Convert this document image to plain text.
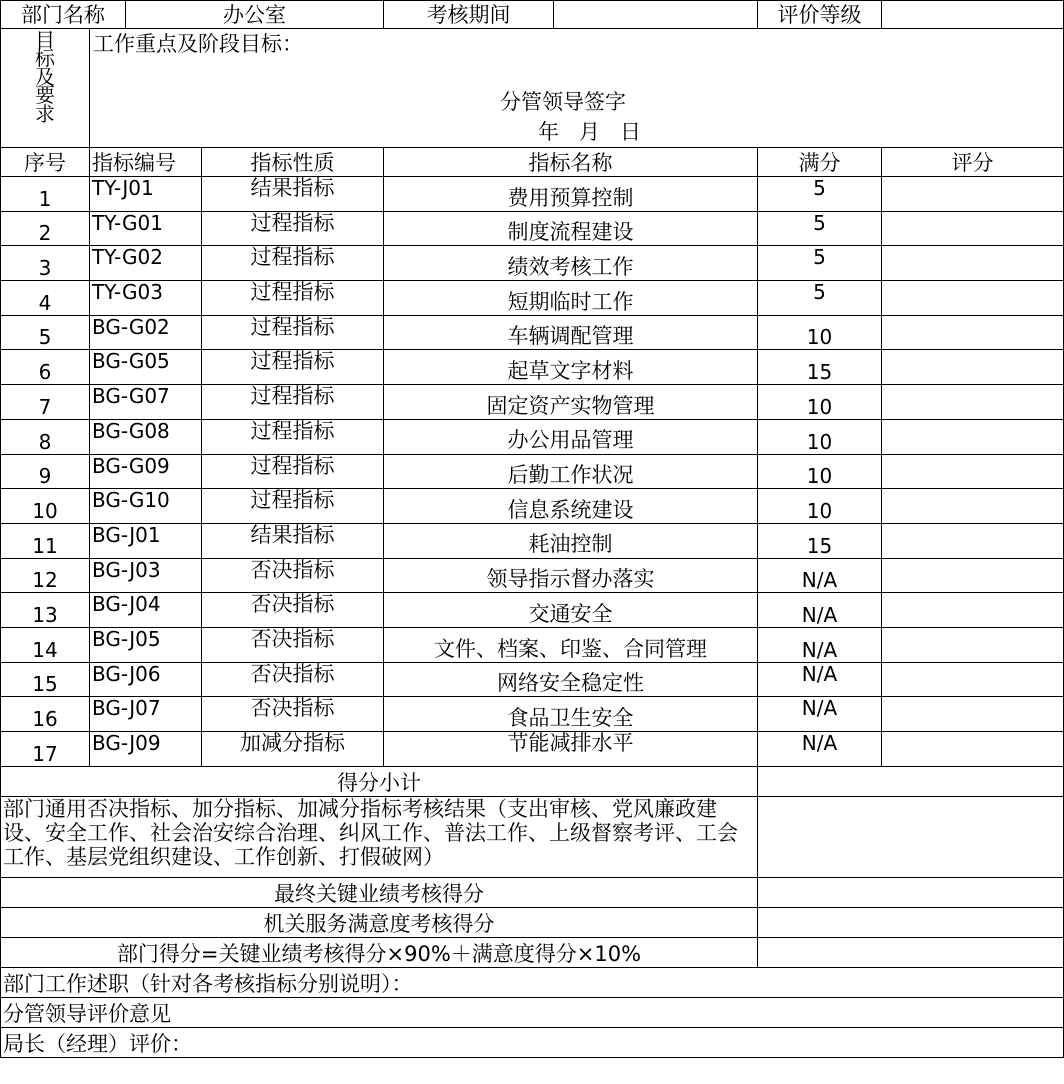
部门名称		办公室		考核期间		评价等级	

目
标
及
要
求	工作重点及阶段目标：
分管领导签字
年   月   日						

序号	指标编号		指标性质	指标名称		满分	评分
1	TY-J01		结果指标	费用预算控制		5	
2	TY-G01		过程指标	制度流程建设		5	
3	TY-G02		过程指标	绩效考核工作		5	
4	TY-G03		过程指标	短期临时工作		5	
5	BG-G02		过程指标	车辆调配管理		10	
6	BG-G05		过程指标	起草文字材料		15	
7	BG-G07		过程指标	固定资产实物管理		10	
8	BG-G08		过程指标	办公用品管理		10	
9	BG-G09		过程指标	后勤工作状况		10	
10	BG-G10		过程指标	信息系统建设		10	
11	BG-J01		结果指标	耗油控制		15	
12	BG-J03		否决指标	领导指示督办落实		N/A	
13	BG-J04		否决指标	交通安全		N/A	
14	BG-J05		否决指标	文件、档案、印鉴、合同管理		N/A	
15	BG-J06		否决指标	网络安全稳定性		N/A	
16	BG-J07		否决指标	食品卫生安全		N/A	
17	BG-J09		加减分指标	节能减排水平		N/A	
得分小计							
部门通用否决指标、加分指标、加减分指标考核结果（支出审核、党风廉政建设、安全工作、社会治安综合治理、纠风工作、普法工作、上级督察考评、工会工作、基层党组织建设、工作创新、打假破网）							
最终关键业绩考核得分							
机关服务满意度考核得分							
部门得分=关键业绩考核得分×90%＋满意度得分×10%							
部门工作述职（针对各考核指标分别说明）：							
分管领导评价意见							
局长（经理）评价：							
